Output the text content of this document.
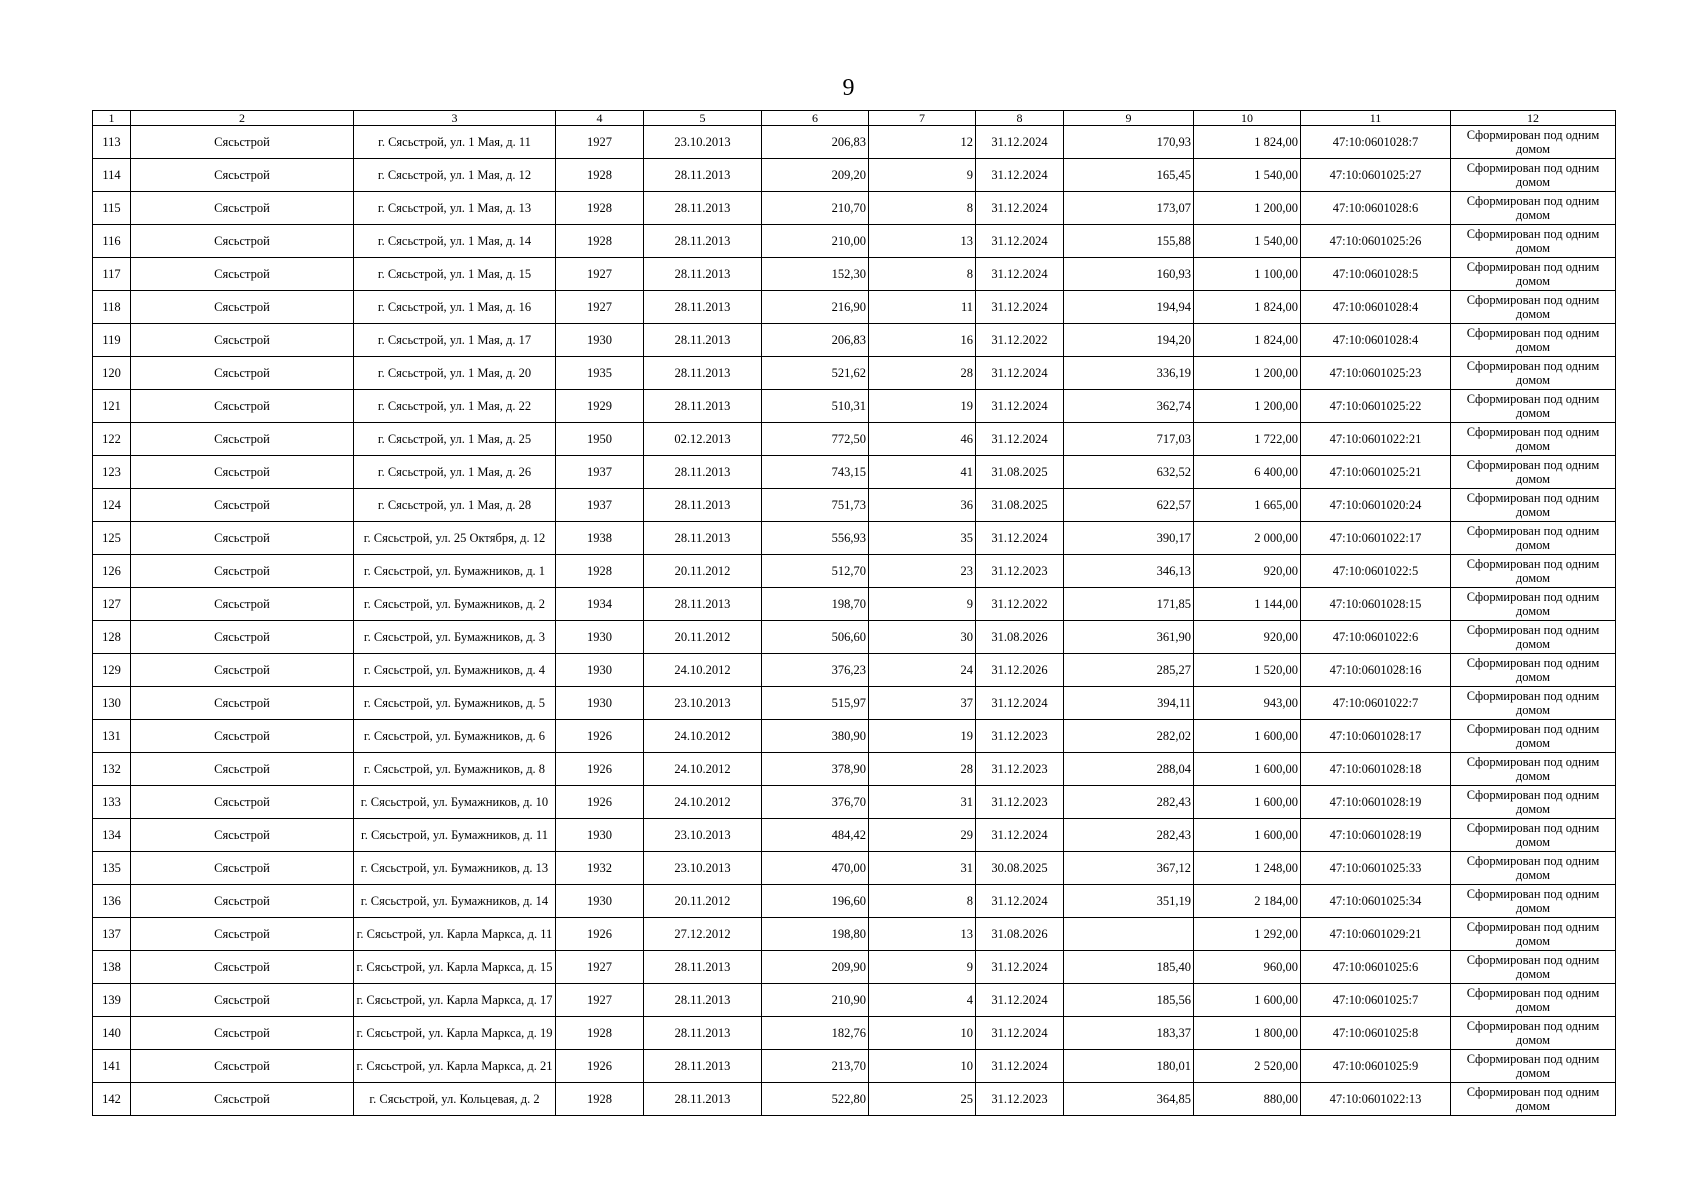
9
1	2	3	4	5	6	7	8	9	10	11	12
113	Сясьстрой	г. Сясьстрой, ул. 1 Мая, д. 11	1927	23.10.2013	206,83	12	31.12.2024	170,93	1 824,00	47:10:0601028:7	Сформирован под одним домом
114	Сясьстрой	г. Сясьстрой, ул. 1 Мая, д. 12	1928	28.11.2013	209,20	9	31.12.2024	165,45	1 540,00	47:10:0601025:27	Сформирован под одним домом
115	Сясьстрой	г. Сясьстрой, ул. 1 Мая, д. 13	1928	28.11.2013	210,70	8	31.12.2024	173,07	1 200,00	47:10:0601028:6	Сформирован под одним домом
116	Сясьстрой	г. Сясьстрой, ул. 1 Мая, д. 14	1928	28.11.2013	210,00	13	31.12.2024	155,88	1 540,00	47:10:0601025:26	Сформирован под одним домом
117	Сясьстрой	г. Сясьстрой, ул. 1 Мая, д. 15	1927	28.11.2013	152,30	8	31.12.2024	160,93	1 100,00	47:10:0601028:5	Сформирован под одним домом
118	Сясьстрой	г. Сясьстрой, ул. 1 Мая, д. 16	1927	28.11.2013	216,90	11	31.12.2024	194,94	1 824,00	47:10:0601028:4	Сформирован под одним домом
119	Сясьстрой	г. Сясьстрой, ул. 1 Мая, д. 17	1930	28.11.2013	206,83	16	31.12.2022	194,20	1 824,00	47:10:0601028:4	Сформирован под одним домом
120	Сясьстрой	г. Сясьстрой, ул. 1 Мая, д. 20	1935	28.11.2013	521,62	28	31.12.2024	336,19	1 200,00	47:10:0601025:23	Сформирован под одним домом
121	Сясьстрой	г. Сясьстрой, ул. 1 Мая, д. 22	1929	28.11.2013	510,31	19	31.12.2024	362,74	1 200,00	47:10:0601025:22	Сформирован под одним домом
122	Сясьстрой	г. Сясьстрой, ул. 1 Мая, д. 25	1950	02.12.2013	772,50	46	31.12.2024	717,03	1 722,00	47:10:0601022:21	Сформирован под одним домом
123	Сясьстрой	г. Сясьстрой, ул. 1 Мая, д. 26	1937	28.11.2013	743,15	41	31.08.2025	632,52	6 400,00	47:10:0601025:21	Сформирован под одним домом
124	Сясьстрой	г. Сясьстрой, ул. 1 Мая, д. 28	1937	28.11.2013	751,73	36	31.08.2025	622,57	1 665,00	47:10:0601020:24	Сформирован под одним домом
125	Сясьстрой	г. Сясьстрой, ул. 25 Октября, д. 12	1938	28.11.2013	556,93	35	31.12.2024	390,17	2 000,00	47:10:0601022:17	Сформирован под одним домом
126	Сясьстрой	г. Сясьстрой, ул. Бумажников, д. 1	1928	20.11.2012	512,70	23	31.12.2023	346,13	920,00	47:10:0601022:5	Сформирован под одним домом
127	Сясьстрой	г. Сясьстрой, ул. Бумажников, д. 2	1934	28.11.2013	198,70	9	31.12.2022	171,85	1 144,00	47:10:0601028:15	Сформирован под одним домом
128	Сясьстрой	г. Сясьстрой, ул. Бумажников, д. 3	1930	20.11.2012	506,60	30	31.08.2026	361,90	920,00	47:10:0601022:6	Сформирован под одним домом
129	Сясьстрой	г. Сясьстрой, ул. Бумажников, д. 4	1930	24.10.2012	376,23	24	31.12.2026	285,27	1 520,00	47:10:0601028:16	Сформирован под одним домом
130	Сясьстрой	г. Сясьстрой, ул. Бумажников, д. 5	1930	23.10.2013	515,97	37	31.12.2024	394,11	943,00	47:10:0601022:7	Сформирован под одним домом
131	Сясьстрой	г. Сясьстрой, ул. Бумажников, д. 6	1926	24.10.2012	380,90	19	31.12.2023	282,02	1 600,00	47:10:0601028:17	Сформирован под одним домом
132	Сясьстрой	г. Сясьстрой, ул. Бумажников, д. 8	1926	24.10.2012	378,90	28	31.12.2023	288,04	1 600,00	47:10:0601028:18	Сформирован под одним домом
133	Сясьстрой	г. Сясьстрой, ул. Бумажников, д. 10	1926	24.10.2012	376,70	31	31.12.2023	282,43	1 600,00	47:10:0601028:19	Сформирован под одним домом
134	Сясьстрой	г. Сясьстрой, ул. Бумажников, д. 11	1930	23.10.2013	484,42	29	31.12.2024	282,43	1 600,00	47:10:0601028:19	Сформирован под одним домом
135	Сясьстрой	г. Сясьстрой, ул. Бумажников, д. 13	1932	23.10.2013	470,00	31	30.08.2025	367,12	1 248,00	47:10:0601025:33	Сформирован под одним домом
136	Сясьстрой	г. Сясьстрой, ул. Бумажников, д. 14	1930	20.11.2012	196,60	8	31.12.2024	351,19	2 184,00	47:10:0601025:34	Сформирован под одним домом
137	Сясьстрой	г. Сясьстрой, ул. Карла Маркса, д. 11	1926	27.12.2012	198,80	13	31.08.2026		1 292,00	47:10:0601029:21	Сформирован под одним домом
138	Сясьстрой	г. Сясьстрой, ул. Карла Маркса, д. 15	1927	28.11.2013	209,90	9	31.12.2024	185,40	960,00	47:10:0601025:6	Сформирован под одним домом
139	Сясьстрой	г. Сясьстрой, ул. Карла Маркса, д. 17	1927	28.11.2013	210,90	4	31.12.2024	185,56	1 600,00	47:10:0601025:7	Сформирован под одним домом
140	Сясьстрой	г. Сясьстрой, ул. Карла Маркса, д. 19	1928	28.11.2013	182,76	10	31.12.2024	183,37	1 800,00	47:10:0601025:8	Сформирован под одним домом
141	Сясьстрой	г. Сясьстрой, ул. Карла Маркса, д. 21	1926	28.11.2013	213,70	10	31.12.2024	180,01	2 520,00	47:10:0601025:9	Сформирован под одним домом
142	Сясьстрой	г. Сясьстрой, ул. Кольцевая, д. 2	1928	28.11.2013	522,80	25	31.12.2023	364,85	880,00	47:10:0601022:13	Сформирован под одним домом
